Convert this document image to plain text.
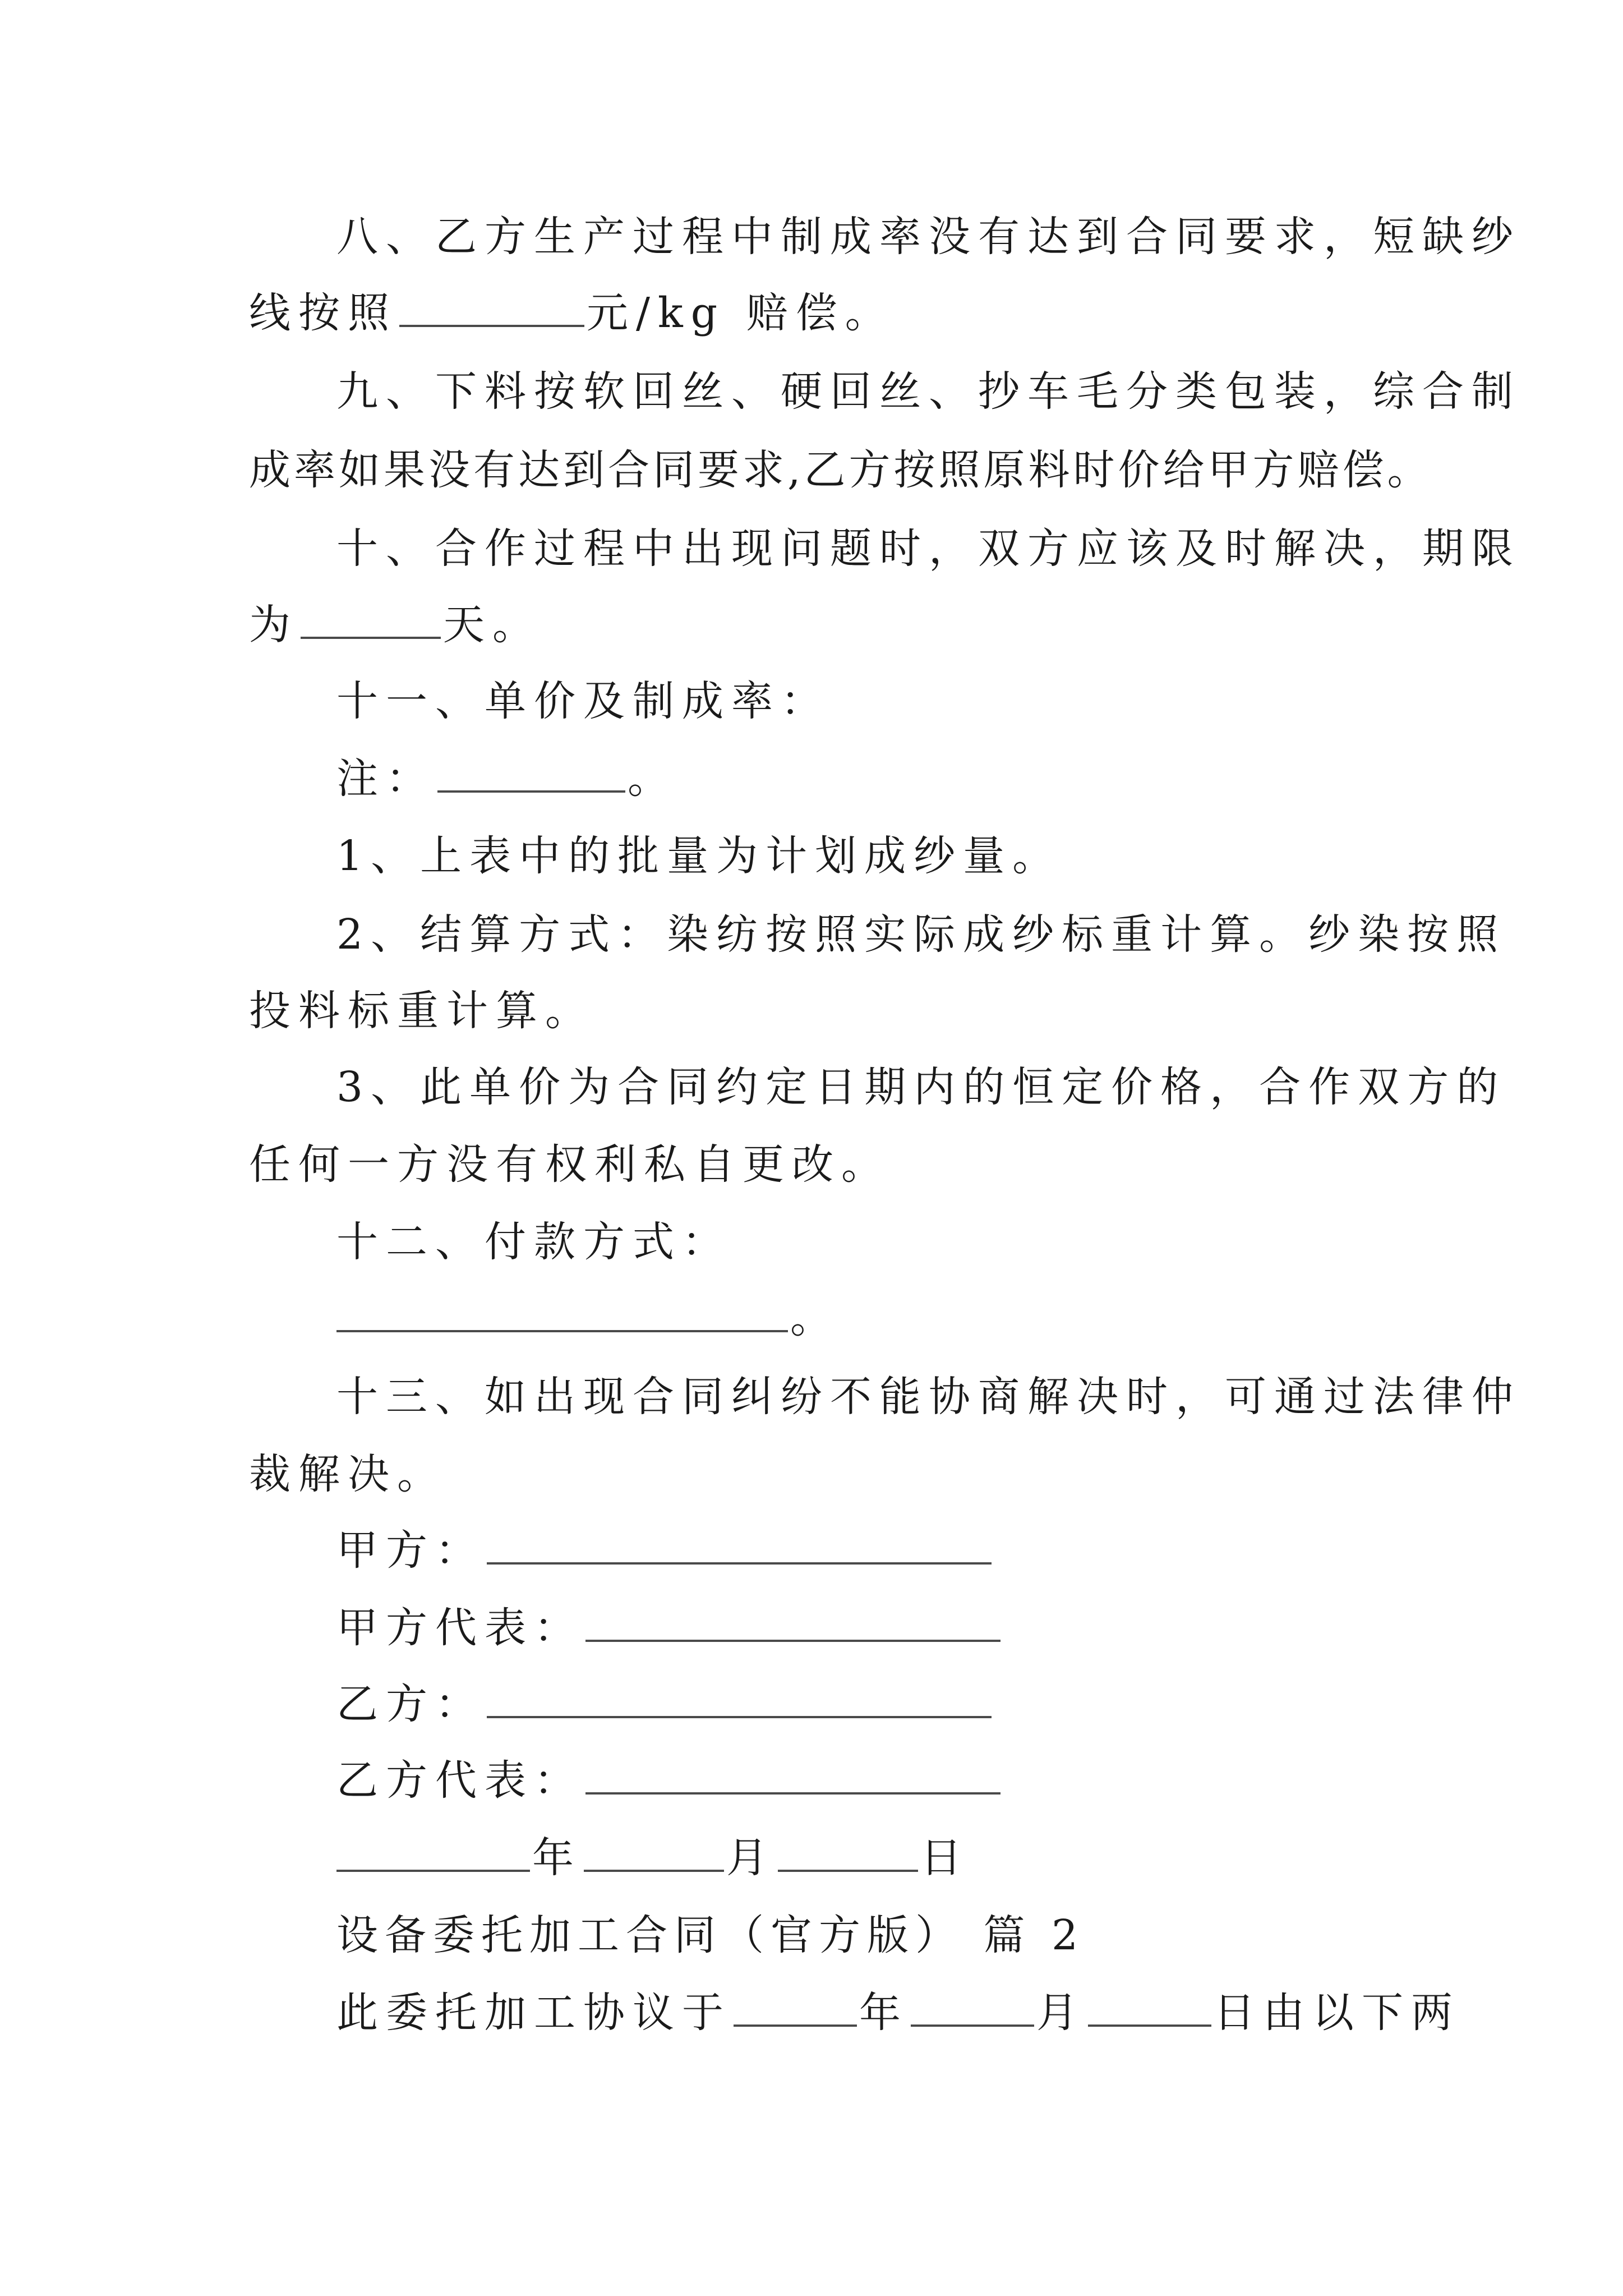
八、乙方生产过程中制成率没有达到合同要求，短缺纱
线按照	元/kg 赔偿。
九、下料按软回丝、硬回丝、抄车毛分类包装，综合制
成率如果没有达到合同要求,乙方按照原料时价给甲方赔偿。
十、合作过程中出现问题时，双方应该及时解决，期限
为	天。
十一、单价及制成率：
注：	。
1、上表中的批量为计划成纱量。
2、结算方式：染纺按照实际成纱标重计算。纱染按照
投料标重计算。
3、此单价为合同约定日期内的恒定价格，合作双方的
任何一方没有权利私自更改。
十二、付款方式：
。
十三、如出现合同纠纷不能协商解决时，可通过法律仲
裁解决。
甲方：
甲方代表：
乙方：
乙方代表：
年	月	日
设备委托加工合同（官方版） 篇 2
此委托加工协议于	年	月	日由以下两
